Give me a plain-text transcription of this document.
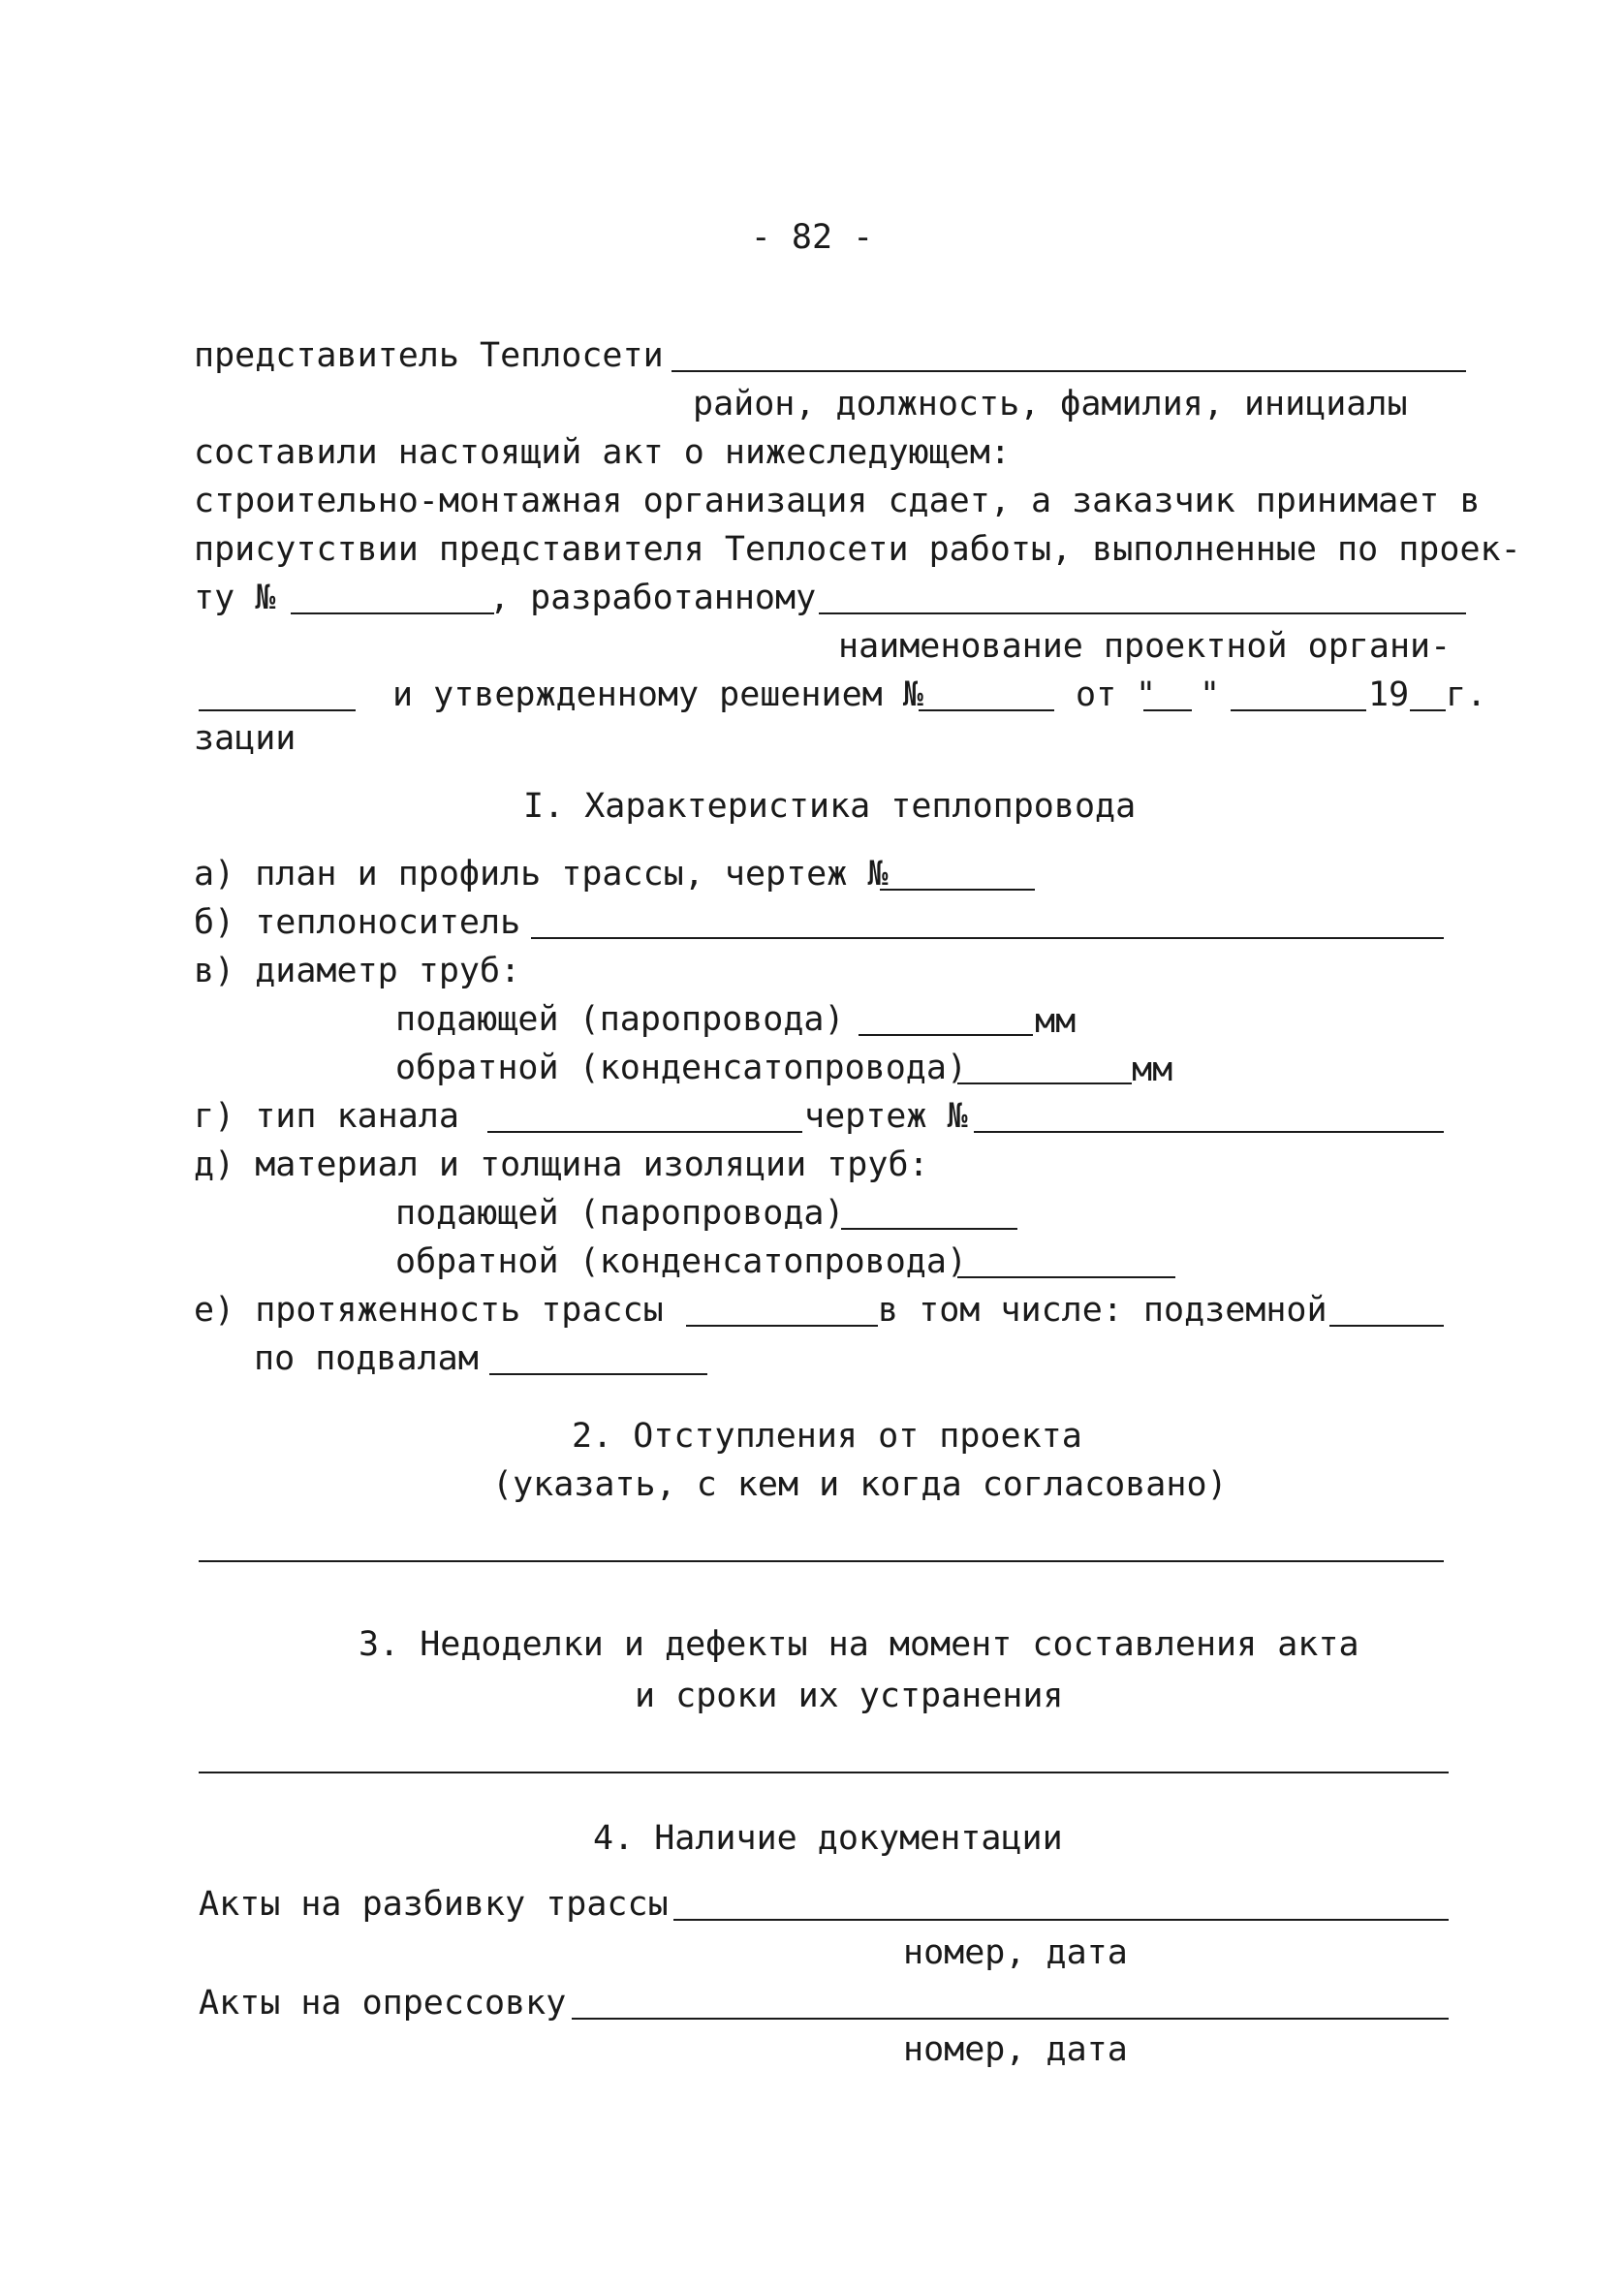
- 82 -
представитель Теплосети
район, должность, фамилия, инициалы
составили настоящий акт о нижеследующем:
строительно-монтажная организация сдает, а заказчик принимает в
присутствии представителя Теплосети работы, выполненные по проек-
ту №	, разработанному
наименование проектной органи-
и утвержденному решением №	от " "	19 г.
зации
I. Характеристика теплопровода
а) план и профиль трассы, чертеж №
б) теплоноситель
в) диаметр труб:
подающей (паропровода)	мм
обратной (конденсатопровода)	мм
г) тип канала	чертеж №
д) материал и толщина изоляции труб:
подающей (паропровода)
обратной (конденсатопровода)
е) протяженность трассы	в том числе: подземной
по подвалам
2. Отступления от проекта
(указать, с кем и когда согласовано)
3. Недоделки и дефекты на момент составления акта
и сроки их устранения
4. Наличие документации
Акты на разбивку трассы
номер, дата
Акты на опрессовку
номер, дата
